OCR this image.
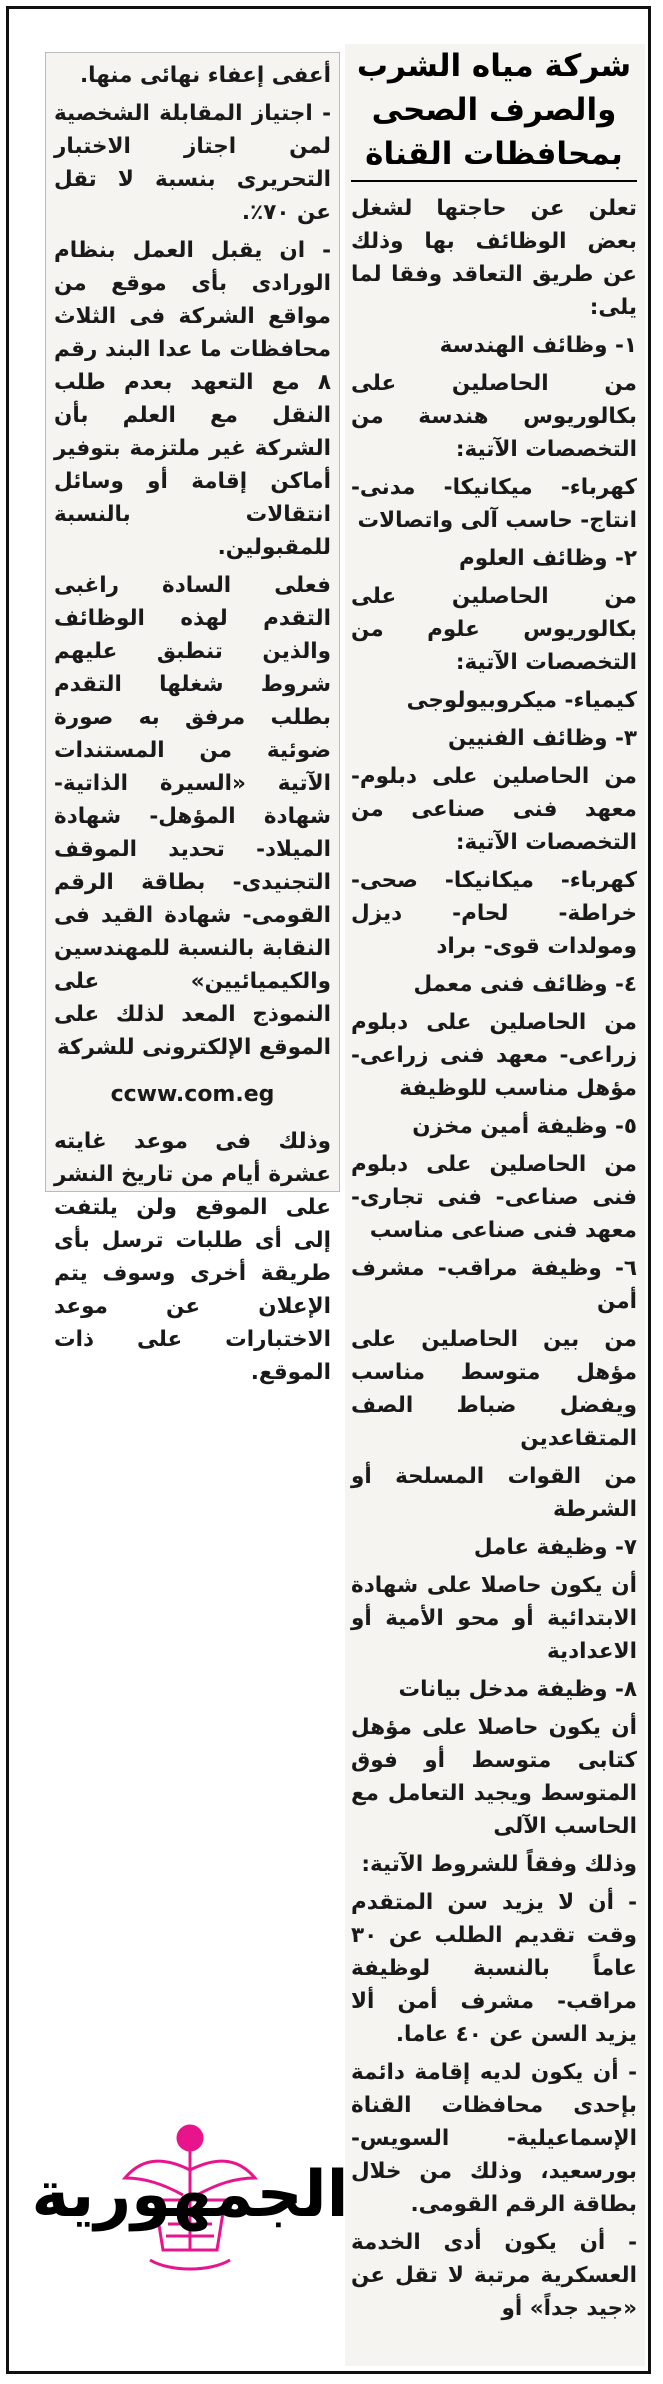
شركة مياه الشرب
والصرف الصحى
بمحافظات القناة
تعلن عن حاجتها لشغل بعض الوظائف بها وذلك عن طريق التعاقد وفقا لما يلى:
١- وظائف الهندسة
من الحاصلين على بكالوريوس هندسة من التخصصات الآتية:
كهرباء- ميكانيكا- مدنى- انتاج- حاسب آلى واتصالات
٢- وظائف العلوم
من الحاصلين على بكالوريوس علوم من التخصصات الآتية:
كيمياء- ميكروبيولوجى
٣- وظائف الفنيين
من الحاصلين على دبلوم- معهد فنى صناعى من التخصصات الآتية:
كهرباء- ميكانيكا- صحى- خراطة- لحام- ديزل ومولدات قوى- براد
٤- وظائف فنى معمل
من الحاصلين على دبلوم زراعى- معهد فنى زراعى- مؤهل مناسب للوظيفة
٥- وظيفة أمين مخزن
من الحاصلين على دبلوم فنى صناعى- فنى تجارى- معهد فنى صناعى مناسب
٦- وظيفة مراقب- مشرف أمن
من بين الحاصلين على مؤهل متوسط مناسب ويفضل ضباط الصف المتقاعدين
من القوات المسلحة أو الشرطة
٧- وظيفة عامل
أن يكون حاصلا على شهادة الابتدائية أو محو الأمية أو الاعدادية
٨- وظيفة مدخل بيانات
أن يكون حاصلا على مؤهل كتابى متوسط أو فوق المتوسط ويجيد التعامل مع الحاسب الآلى
وذلك وفقاً للشروط الآتية:
- أن لا يزيد سن المتقدم وقت تقديم الطلب عن ٣٠ عاماً بالنسبة لوظيفة مراقب- مشرف أمن ألا يزيد السن عن ٤٠ عاما.
- أن يكون لديه إقامة دائمة بإحدى محافظات القناة الإسماعيلية- السويس- بورسعيد، وذلك من خلال بطاقة الرقم القومى.
- أن يكون أدى الخدمة العسكرية مرتبة لا تقل عن «جيد جداً» أو
أعفى إعفاء نهائى منها.
- اجتياز المقابلة الشخصية لمن اجتاز الاختبار التحريرى بنسبة لا تقل عن ٧٠٪.
- ان يقبل العمل بنظام الورادى بأى موقع من مواقع الشركة فى الثلاث محافظات ما عدا البند رقم ٨ مع التعهد بعدم طلب النقل مع العلم بأن الشركة غير ملتزمة بتوفير أماكن إقامة أو وسائل انتقالات بالنسبة للمقبولين.
فعلى السادة راغبى التقدم لهذه الوظائف والذين تنطبق عليهم شروط شغلها التقدم بطلب مرفق به صورة ضوئية من المستندات الآتية «السيرة الذاتية- شهادة المؤهل- شهادة الميلاد- تحديد الموقف التجنيدى- بطاقة الرقم القومى- شهادة القيد فى النقابة بالنسبة للمهندسين والكيميائيين» على النموذج المعد لذلك على الموقع الإلكترونى للشركة
ccww.com.eg
وذلك فى موعد غايته عشرة أيام من تاريخ النشر على الموقع ولن يلتفت إلى أى طلبات ترسل بأى طريقة أخرى وسوف يتم الإعلان عن موعد الاختبارات على ذات الموقع.
الجمهورية
